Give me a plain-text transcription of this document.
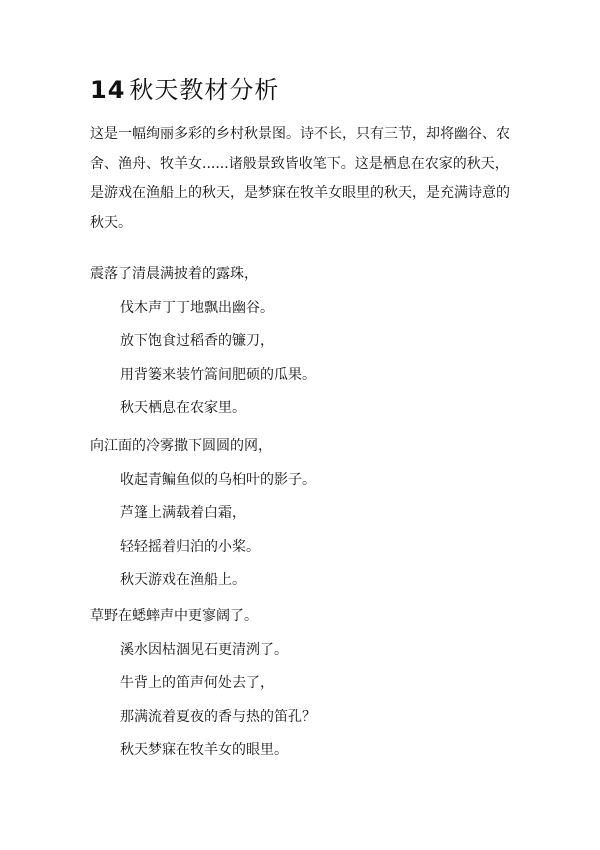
14 秋天教材分析

这是一幅绚丽多彩的乡村秋景图。诗不长，只有三节，却将幽谷、农
舍、渔舟、牧羊女......诸般景致皆收笔下。这是栖息在农家的秋天，
是游戏在渔船上的秋天，是梦寐在牧羊女眼里的秋天，是充满诗意的
秋天。

震落了清晨满披着的露珠，
伐木声丁丁地飘出幽谷。
放下饱食过稻香的镰刀，
用背篓来装竹篙间肥硕的瓜果。
秋天栖息在农家里。
向江面的冷雾撒下圆圆的网，
收起青鳊鱼似的乌桕叶的影子。
芦篷上满载着白霜，
轻轻摇着归泊的小桨。
秋天游戏在渔船上。
草野在蟋蟀声中更寥阔了。
溪水因枯涸见石更清洌了。
牛背上的笛声何处去了，
那满流着夏夜的香与热的笛孔？
秋天梦寐在牧羊女的眼里。
